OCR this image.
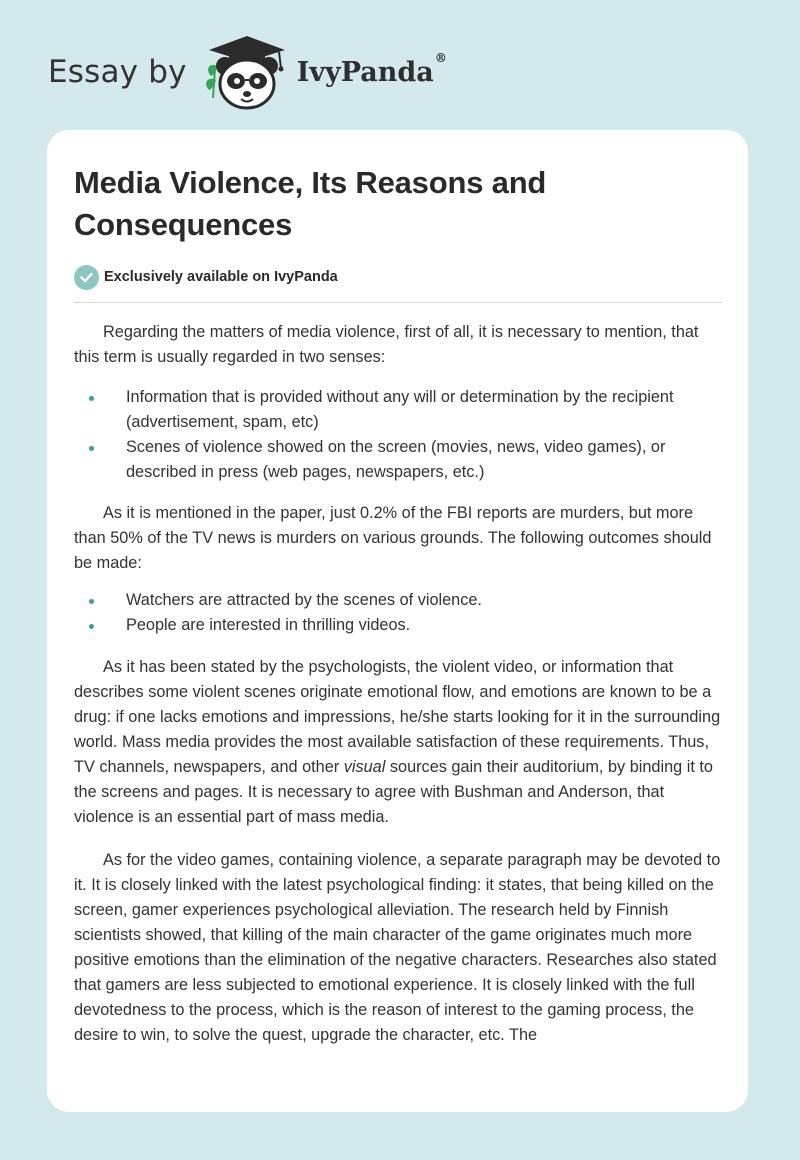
Essay by	IvyPanda®
Media Violence, Its Reasons and Consequences
Exclusively available on IvyPanda

Regarding the matters of media violence, first of all, it is necessary to mention, that this term is usually regarded in two senses:

Information that is provided without any will or determination by the recipient (advertisement, spam, etc)
Scenes of violence showed on the screen (movies, news, video games), or described in press (web pages, newspapers, etc.)

As it is mentioned in the paper, just 0.2% of the FBI reports are murders, but more than 50% of the TV news is murders on various grounds. The following outcomes should be made:

Watchers are attracted by the scenes of violence.
People are interested in thrilling videos.

As it has been stated by the psychologists, the violent video, or information that describes some violent scenes originate emotional flow, and emotions are known to be a drug: if one lacks emotions and impressions, he/she starts looking for it in the surrounding world. Mass media provides the most available satisfaction of these requirements. Thus, TV channels, newspapers, and other visual sources gain their auditorium, by binding it to the screens and pages. It is necessary to agree with Bushman and Anderson, that violence is an essential part of mass media.

As for the video games, containing violence, a separate paragraph may be devoted to it. It is closely linked with the latest psychological finding: it states, that being killed on the screen, gamer experiences psychological alleviation. The research held by Finnish scientists showed, that killing of the main character of the game originates much more positive emotions than the elimination of the negative characters. Researches also stated that gamers are less subjected to emotional experience. It is closely linked with the full devotedness to the process, which is the reason of interest to the gaming process, the desire to win, to solve the quest, upgrade the character, etc. The
